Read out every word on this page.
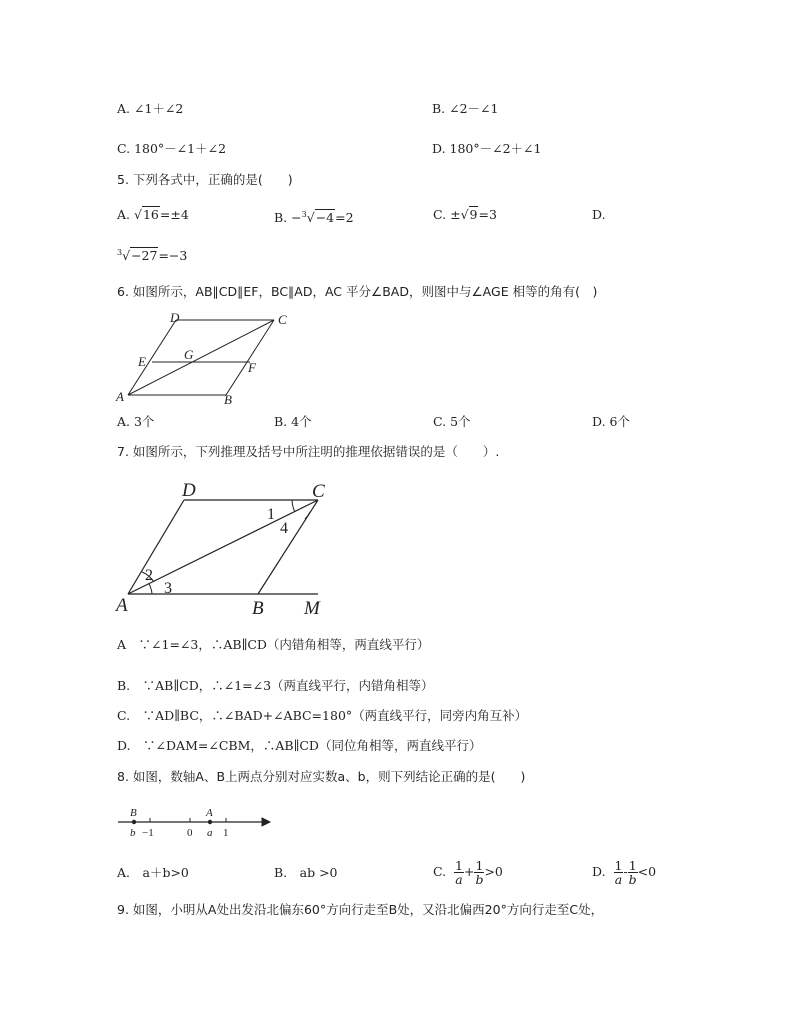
A. ∠1＋∠2	B. ∠2－∠1
C. 180°－∠1＋∠2	D. 180°－∠2＋∠1
5. 下列各式中，正确的是(　　)
A. √16=±4	B. −$^3$√−4=2	C. ±√9=3	D.
$^3$√−27=−3
6. 如图所示，AB∥CD∥EF，BC∥AD，AC 平分∠BAD，则图中与∠AGE 相等的角有(　)
D	C
E	G
F
A	B
A. 3个	B. 4个	C. 5个	D. 6个
7. 如图所示，下列推理及括号中所注明的推理依据错误的是（　　）.
D	C
A	B M
1
4
2
3
A　∵∠1=∠3，∴AB∥CD（内错角相等，两直线平行）
B.　∵AB∥CD，∴∠1=∠3（两直线平行，内错角相等）
C.　∵AD∥BC，∴∠BAD+∠ABC=180°（两直线平行，同旁内角互补）
D.　∵∠DAM=∠CBM，∴AB∥CD（同位角相等，两直线平行）
8. 如图，数轴A、B上两点分别对应实数a、b，则下列结论正确的是(　　)
B	A
b −1	0 a 1
A.　a＋b>0	B.　ab >0	C. $\frac{1}{a} + \frac{1}{b} >0$	D. $\frac{1}{a} - \frac{1}{b} <0$
9. 如图，小明从A处出发沿北偏东60°方向行走至B处，又沿北偏西20°方向行走至C处，
